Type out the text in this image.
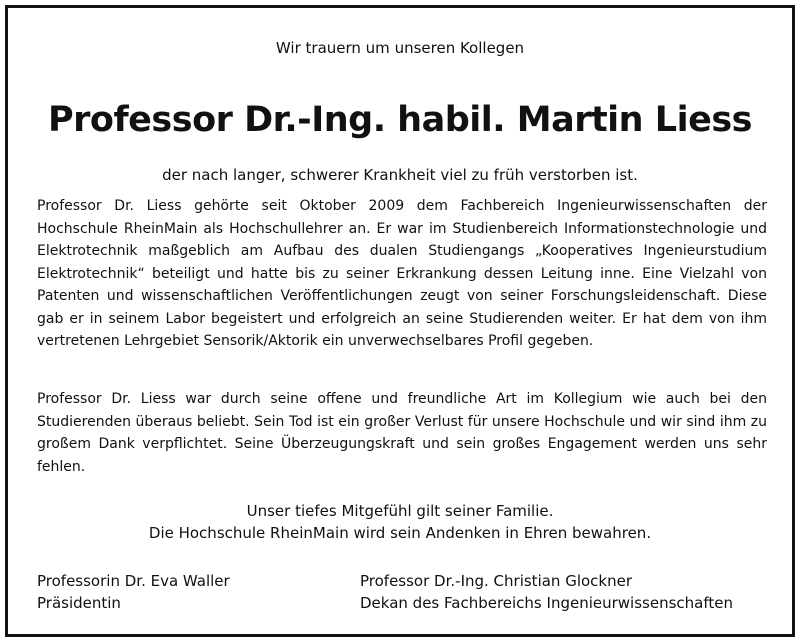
Wir trauern um unseren Kollegen
Professor Dr.-Ing. habil. Martin Liess
der nach langer, schwerer Krankheit viel zu früh verstorben ist.

Professor Dr. Liess gehörte seit Oktober 2009 dem Fachbereich Ingenieurwissenschaften der Hochschule RheinMain als Hochschullehrer an. Er war im Studienbereich Informationstechnologie und Elektrotechnik maßgeblich am Aufbau des dualen Studiengangs „Kooperatives Ingenieurstudium Elektrotechnik“ beteiligt und hatte bis zu seiner Erkrankung dessen Leitung inne. Eine Vielzahl von Patenten und wissenschaftlichen Veröffentlichungen zeugt von seiner Forschungsleidenschaft. Diese gab er in seinem Labor begeistert und erfolgreich an seine Studierenden weiter. Er hat dem von ihm vertretenen Lehrgebiet Sensorik/Aktorik ein unverwechselbares Profil gegeben.

Professor Dr. Liess war durch seine offene und freundliche Art im Kollegium wie auch bei den Studierenden überaus beliebt. Sein Tod ist ein großer Verlust für unsere Hochschule und wir sind ihm zu großem Dank verpflichtet. Seine Überzeugungskraft und sein großes Engagement werden uns sehr fehlen.

Unser tiefes Mitgefühl gilt seiner Familie.
Die Hochschule RheinMain wird sein Andenken in Ehren bewahren.
Professorin Dr. Eva Waller
Präsidentin
Professor Dr.-Ing. Christian Glockner
Dekan des Fachbereichs Ingenieurwissenschaften
